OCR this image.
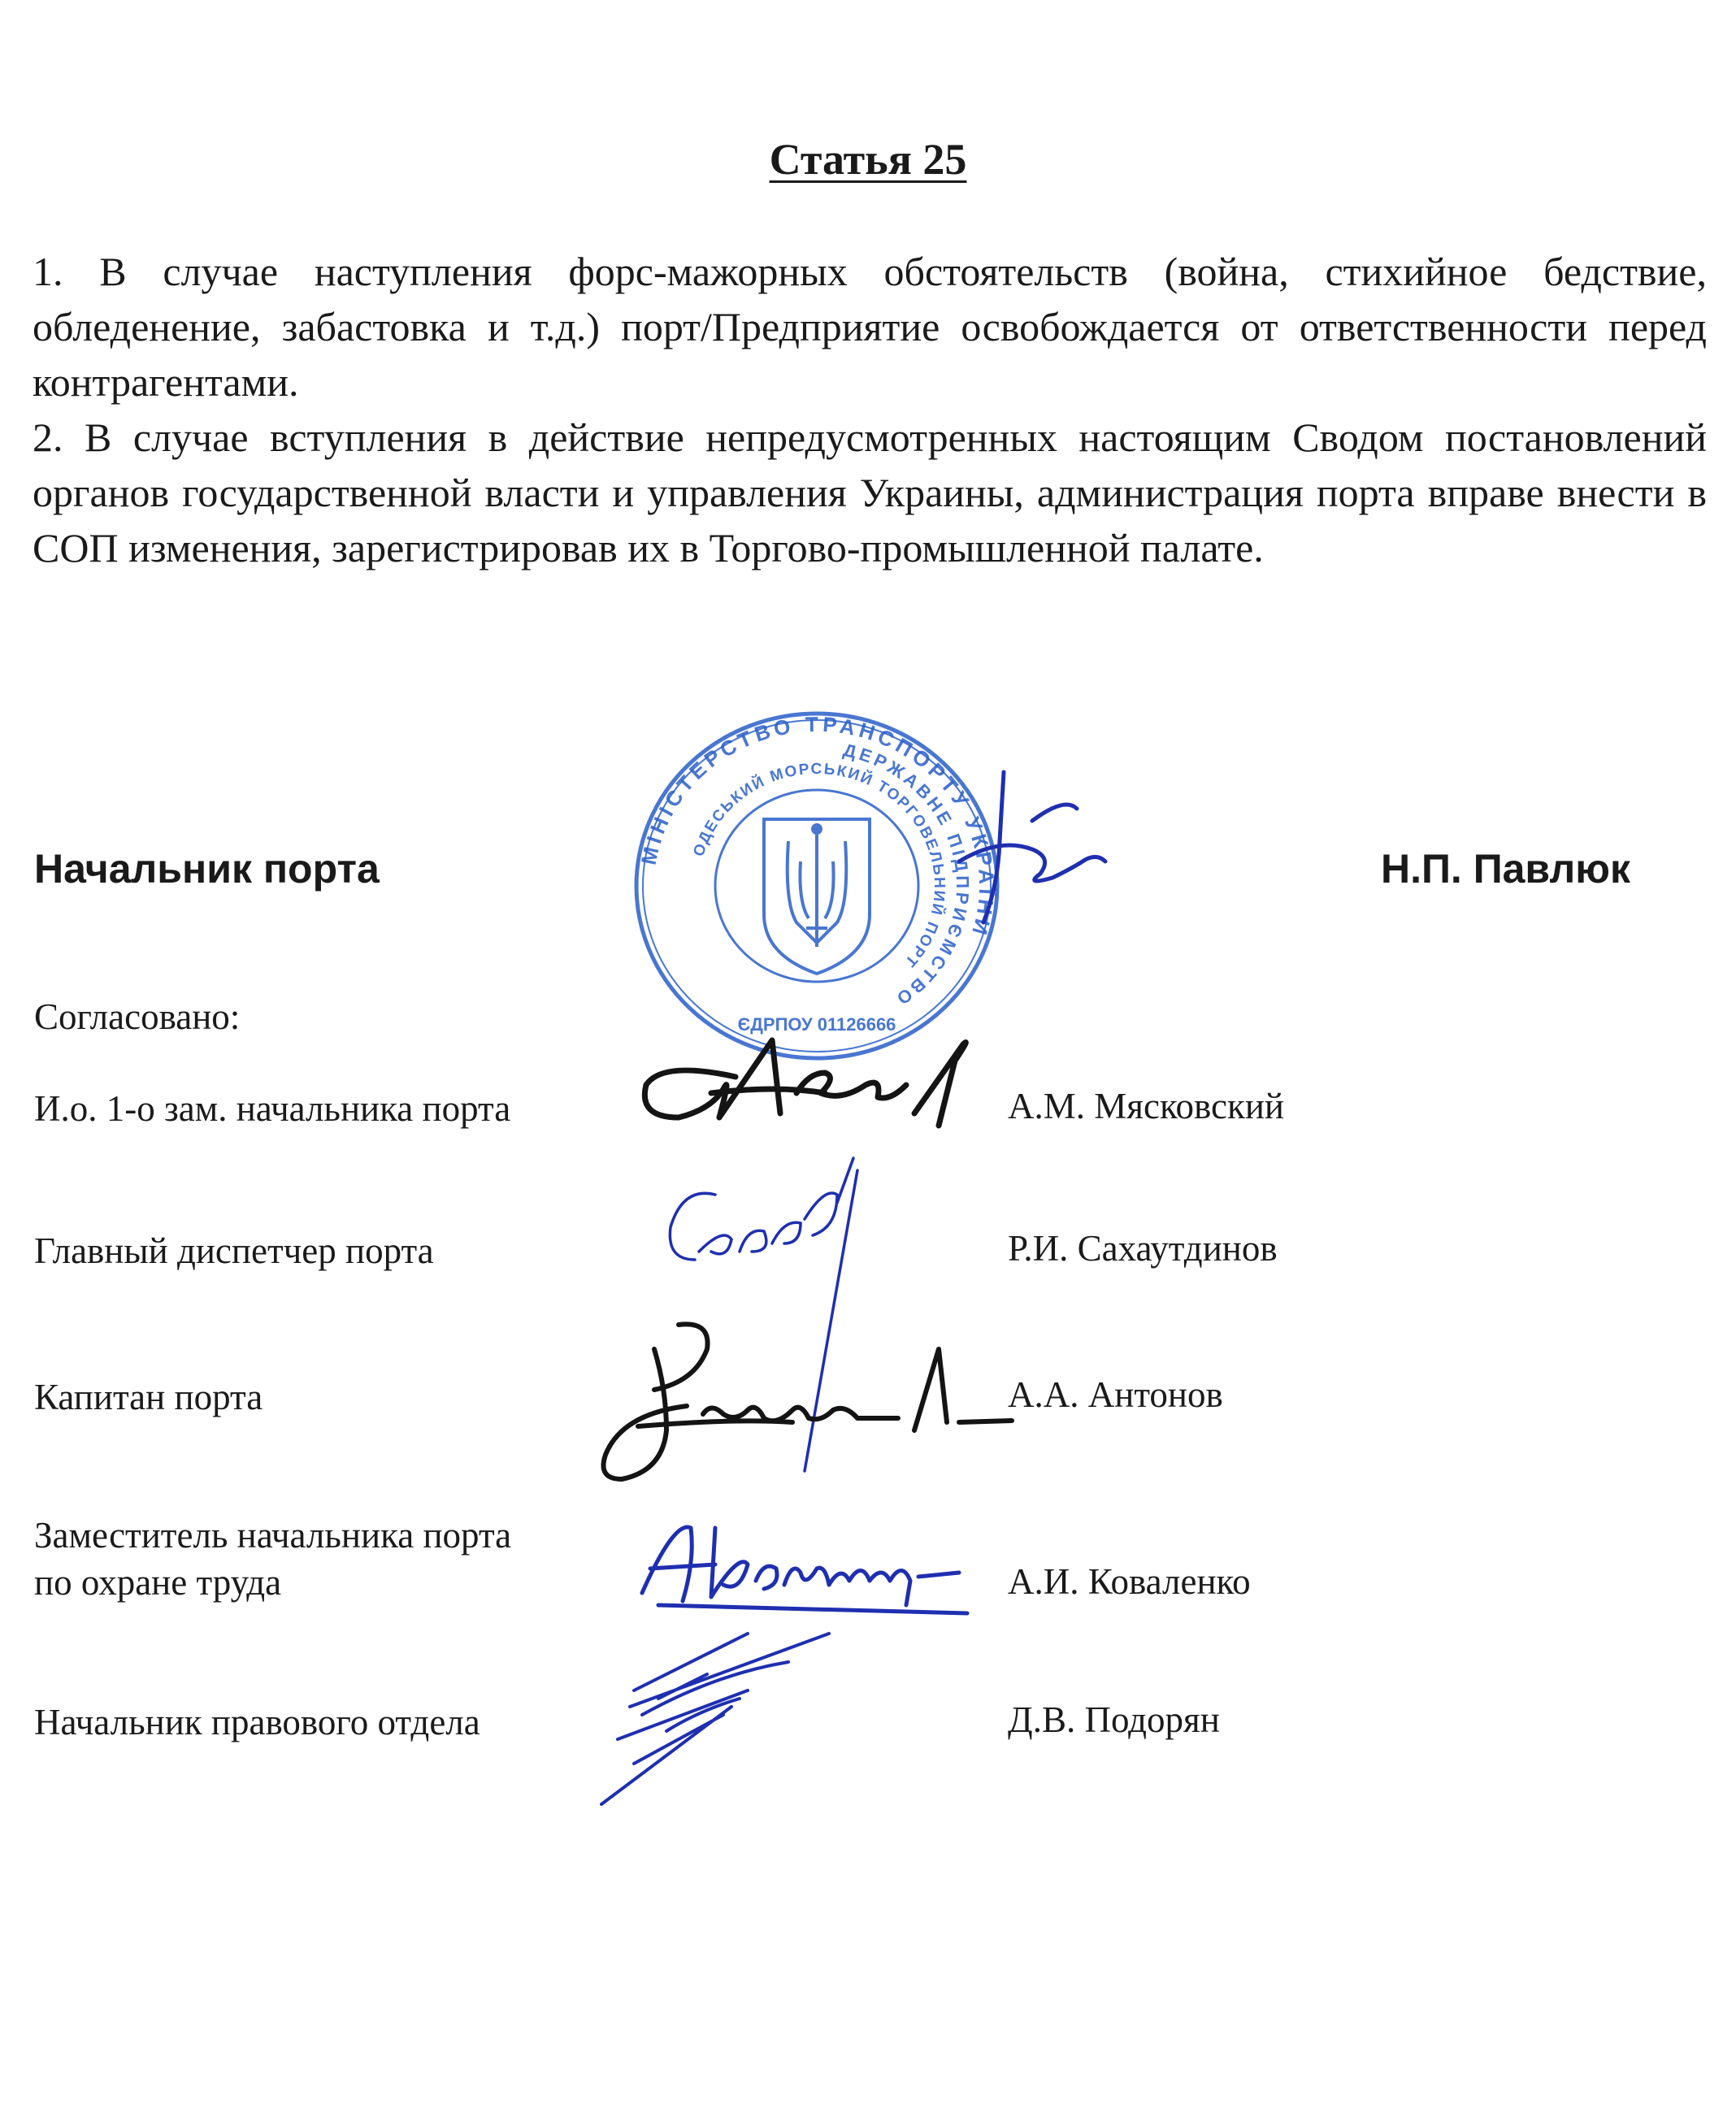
Статья 25

1. В случае наступления форс-мажорных обстоятельств (война, стихийное бедствие, обледенение, забастовка и т.д.) порт/Предприятие освобождается от ответственности перед контрагентами.

2. В случае вступления в действие непредусмотренных настоящим Сводом постановлений органов государственной власти и управления Украины, администрация порта вправе внести в СОП изменения, зарегистрировав их в Торгово-промышленной палате.

МІНІСТЕРСТВО ТРАНСПОРТУ УКРАЇНИ
ДЕРЖАВНЕ ПІДПРИЄМСТВО
ОДЕСЬКИЙ МОРСЬКИЙ ТОРГОВЕЛЬНИЙ ПОРТ
ЄДРПОУ 01126666
Начальник порта	Н.П. Павлюк
Согласовано:
И.о. 1-о зам. начальника порта	А.М. Мясковский
Главный диспетчер порта	Р.И. Сахаутдинов
Капитан порта	А.А. Антонов
Заместитель начальника порта
по охране труда	А.И. Коваленко
Начальник правового отдела	Д.В. Подорян
